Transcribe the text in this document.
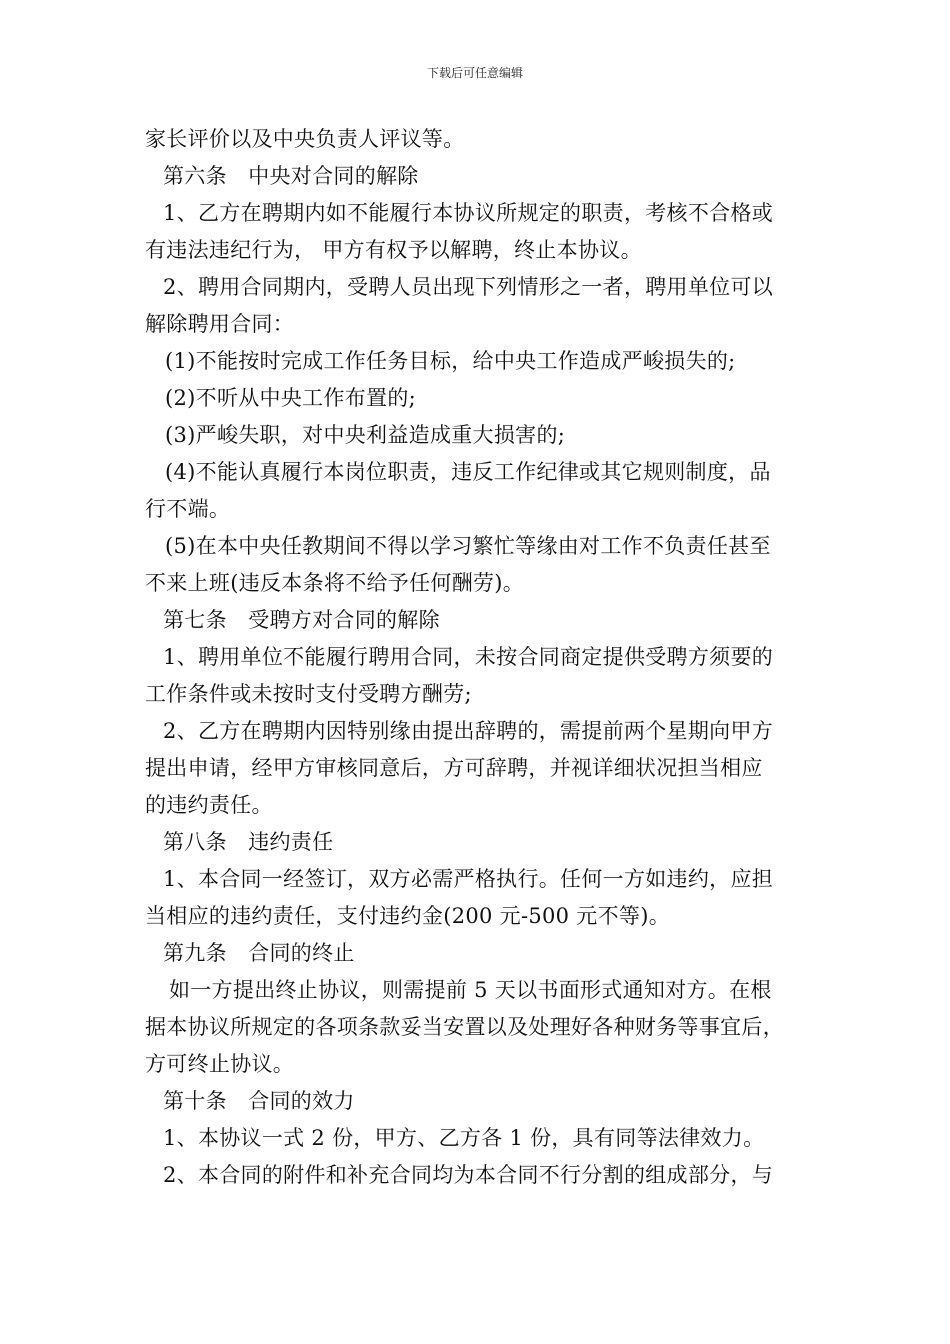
下载后可任意编辑
家长评价以及中央负责人评议等。
第六条　中央对合同的解除
1、乙方在聘期内如不能履行本协议所规定的职责，考核不合格或
有违法违纪行为， 甲方有权予以解聘，终止本协议。
2、聘用合同期内，受聘人员出现下列情形之一者，聘用单位可以
解除聘用合同：
(1)不能按时完成工作任务目标，给中央工作造成严峻损失的;
(2)不听从中央工作布置的;
(3)严峻失职，对中央利益造成重大损害的;
(4)不能认真履行本岗位职责，违反工作纪律或其它规则制度，品
行不端。
(5)在本中央任教期间不得以学习繁忙等缘由对工作不负责任甚至
不来上班(违反本条将不给予任何酬劳)。
第七条　受聘方对合同的解除
1、聘用单位不能履行聘用合同，未按合同商定提供受聘方须要的
工作条件或未按时支付受聘方酬劳;
2、乙方在聘期内因特别缘由提出辞聘的，需提前两个星期向甲方
提出申请，经甲方审核同意后，方可辞聘，并视详细状况担当相应
的违约责任。
第八条　违约责任
1、本合同一经签订，双方必需严格执行。任何一方如违约，应担
当相应的违约责任，支付违约金(200 元-500 元不等)。
第九条　合同的终止
如一方提出终止协议，则需提前 5 天以书面形式通知对方。在根
据本协议所规定的各项条款妥当安置以及处理好各种财务等事宜后，
方可终止协议。
第十条　合同的效力
1、本协议一式 2 份，甲方、乙方各 1 份，具有同等法律效力。
2、本合同的附件和补充合同均为本合同不行分割的组成部分，与
